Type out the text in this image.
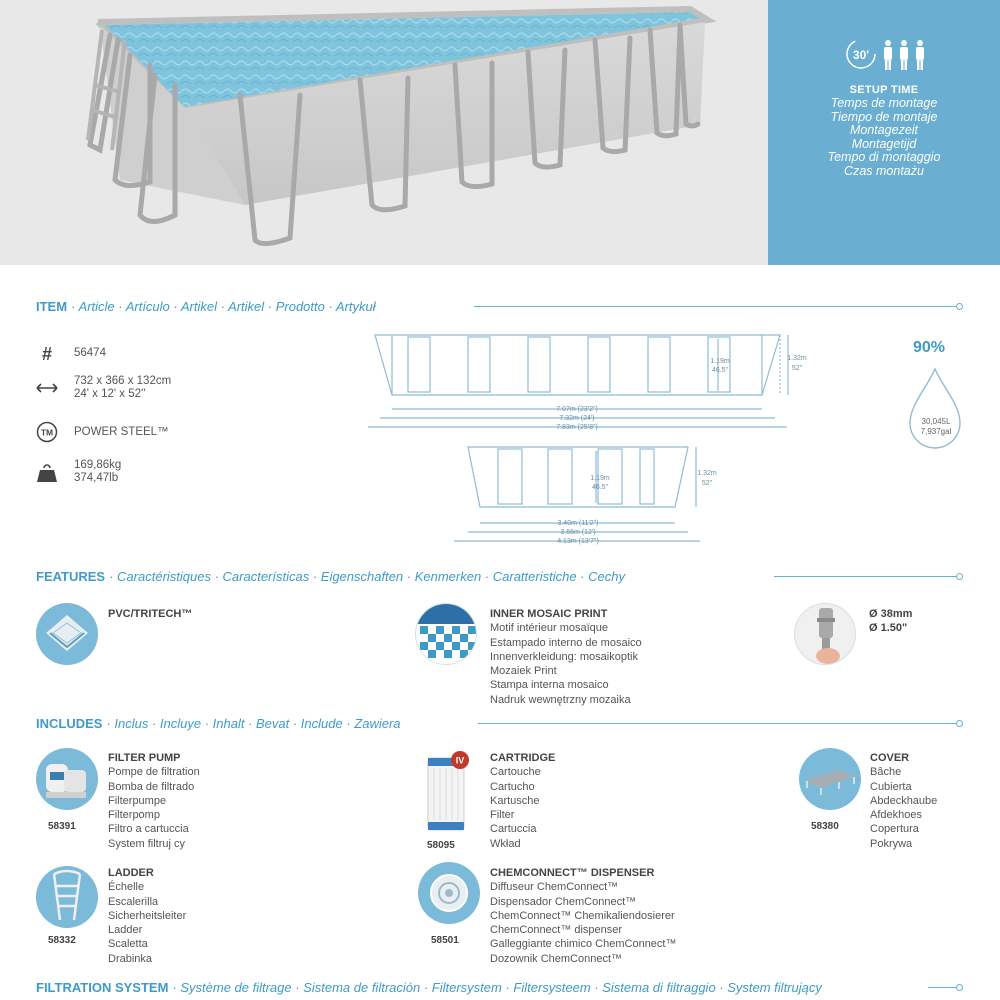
30'
SETUP TIME
Temps de montage
Tiempo de montaje
Montagezeit
Montagetijd
Tempo di montaggio
Czas montażu
ITEM · Article · Artículo · Artikel · Artikel · Prodotto · Artykuł
# 56474
732 x 366 x 132cm
24' x 12' x 52''
TM POWER STEEL™
169,86kg
374,47lb
1.19m
46.5"
1.32m
52"
7.07m (23'2")
7.32m (24')
7.83m (25'8")
1.19m
46.5"
1.32m
52"
3.40m (11'2")
3.66m (12')
4.13m (13'7")
90%
30,045L
7,937gal
FEATURES · Caractéristiques · Características · Eigenschaften · Kenmerken · Caratteristiche · Cechy
PVC/TRITECH™	INNER MOSAIC PRINT
Motif intérieur mosaïque
Estampado interno de mosaico
Innenverkleidung: mosaikoptik
Mozaiek Print
Stampa interna mosaico
Nadruk wewnętrzny mozaika
Ø 38mm
Ø 1.50"
INCLUDES · Inclus · Incluye · Inhalt · Bevat · Include · Zawiera
58391
FILTER PUMP
Pompe de filtration
Bomba de filtrado
Filterpumpe
Filterpomp
Filtro a cartuccia
System filtruj cy
IV
58095
CARTRIDGE
Cartouche
Cartucho
Kartusche
Filter
Cartuccia
Wkład
58380
COVER
Bâche
Cubierta
Abdeckhaube
Afdekhoes
Copertura
Pokrywa
58332
LADDER
Échelle
Escalerilla
Sicherheitsleiter
Ladder
Scaletta
Drabinka
58501
CHEMCONNECT™ DISPENSER
Diffuseur ChemConnect™
Dispensador ChemConnect™
ChemConnect™ Chemikaliendosierer
ChemConnect™ dispenser
Galleggiante chimico ChemConnect™
Dozownik ChemConnect™
FILTRATION SYSTEM · Système de filtrage · Sistema de filtración · Filtersystem · Filtersysteem · Sistema di filtraggio · System filtrujący
